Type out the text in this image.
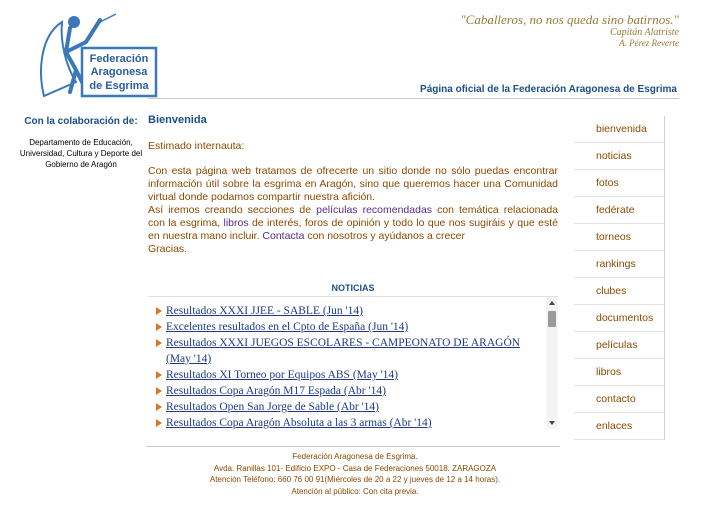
Federación
Aragonesa
de Esgrima
"Caballeros, no nos queda sino batirnos."
Capitán Alatriste
A. Pérez Reverte
Página oficial de la Federación Aragonesa de Esgrima
Con la colaboración de:
Departamento de Educación, Universidad, Cultura y Deporte del Gobierno de Aragón
Bienvenida
Estimado internauta:
Con esta página web tratamos de ofrecerte un sitio donde no sólo puedas encontrar información útil sobre la esgrima en Aragón, sino que queremos hacer una Comunidad virtual donde podamos compartir nuestra afición.
Así iremos creando secciones de películas recomendadas con temática relacionada con la esgrima, libros de interés, foros de opinión y todo lo que nos sugiráis y que esté en nuestra mano incluir. Contacta con nosotros y ayúdanos a crecer
Gracias.
NOTICIAS
Resultados XXXI JJEE - SABLE (Jun '14)
Excelentes resultados en el Cpto de España (Jun '14)
Resultados XXXI JUEGOS ESCOLARES - CAMPEONATO DE ARAGÓN (May '14)
Resultados XI Torneo por Equipos ABS (May '14)
Resultados Copa Aragón M17 Espada (Abr '14)
Resultados Open San Jorge de Sable (Abr '14)
Resultados Copa Aragón Absoluta a las 3 armas (Abr '14)
Federación Aragonesa de Esgrima.
Avda. Ranillas 101- Edificio EXPO - Casa de Federaciones 50018. ZARAGOZA
Atención Teléfono: 660 76 00 91(Miércoles de 20 a 22 y jueves de 12 a 14 horas).
Atención al público: Con cita previa.
bienvenida
noticias
fotos
fedérate
torneos
rankings
clubes
documentos
películas
libros
contacto
enlaces
